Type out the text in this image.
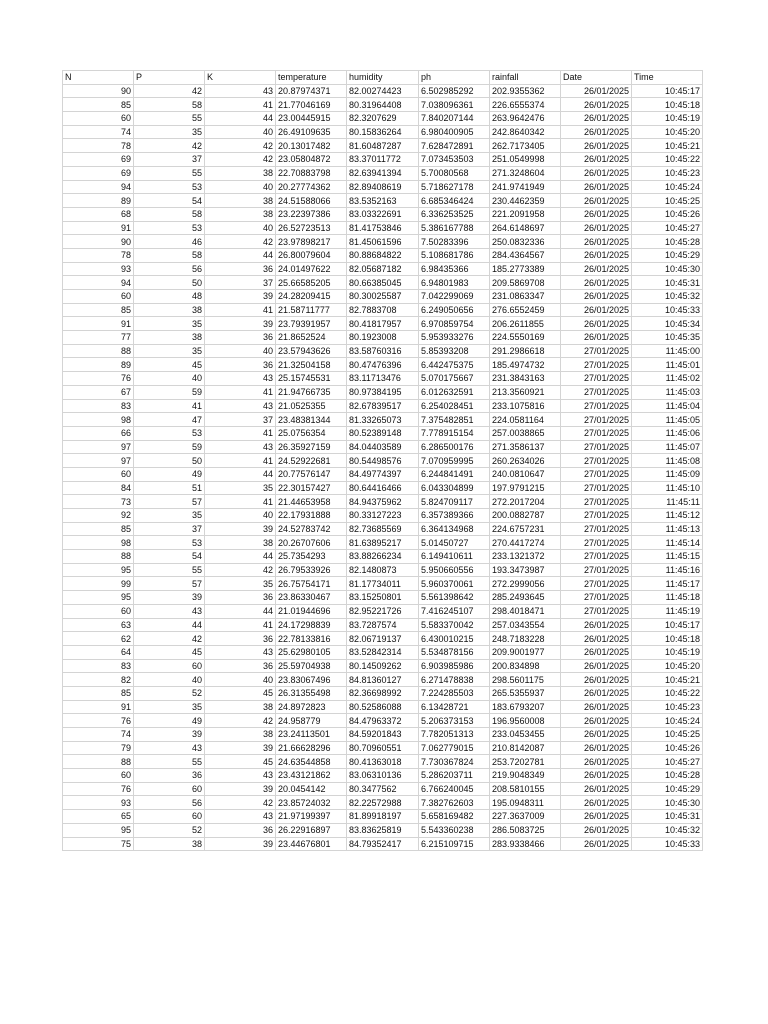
N	P	K	temperature	humidity	ph	rainfall	Date	Time
90	42	43	20.87974371	82.00274423	6.502985292	202.9355362	26/01/2025	10:45:17
85	58	41	21.77046169	80.31964408	7.038096361	226.6555374	26/01/2025	10:45:18
60	55	44	23.00445915	82.3207629	7.840207144	263.9642476	26/01/2025	10:45:19
74	35	40	26.49109635	80.15836264	6.980400905	242.8640342	26/01/2025	10:45:20
78	42	42	20.13017482	81.60487287	7.628472891	262.7173405	26/01/2025	10:45:21
69	37	42	23.05804872	83.37011772	7.073453503	251.0549998	26/01/2025	10:45:22
69	55	38	22.70883798	82.63941394	5.70080568	271.3248604	26/01/2025	10:45:23
94	53	40	20.27774362	82.89408619	5.718627178	241.9741949	26/01/2025	10:45:24
89	54	38	24.51588066	83.5352163	6.685346424	230.4462359	26/01/2025	10:45:25
68	58	38	23.22397386	83.03322691	6.336253525	221.2091958	26/01/2025	10:45:26
91	53	40	26.52723513	81.41753846	5.386167788	264.6148697	26/01/2025	10:45:27
90	46	42	23.97898217	81.45061596	7.50283396	250.0832336	26/01/2025	10:45:28
78	58	44	26.80079604	80.88684822	5.108681786	284.4364567	26/01/2025	10:45:29
93	56	36	24.01497622	82.05687182	6.98435366	185.2773389	26/01/2025	10:45:30
94	50	37	25.66585205	80.66385045	6.94801983	209.5869708	26/01/2025	10:45:31
60	48	39	24.28209415	80.30025587	7.042299069	231.0863347	26/01/2025	10:45:32
85	38	41	21.58711777	82.7883708	6.249050656	276.6552459	26/01/2025	10:45:33
91	35	39	23.79391957	80.41817957	6.970859754	206.2611855	26/01/2025	10:45:34
77	38	36	21.8652524	80.1923008	5.953933276	224.5550169	26/01/2025	10:45:35
88	35	40	23.57943626	83.58760316	5.85393208	291.2986618	27/01/2025	11:45:00
89	45	36	21.32504158	80.47476396	6.442475375	185.4974732	27/01/2025	11:45:01
76	40	43	25.15745531	83.11713476	5.070175667	231.3843163	27/01/2025	11:45:02
67	59	41	21.94766735	80.97384195	6.012632591	213.3560921	27/01/2025	11:45:03
83	41	43	21.0525355	82.67839517	6.254028451	233.1075816	27/01/2025	11:45:04
98	47	37	23.48381344	81.33265073	7.375482851	224.0581164	27/01/2025	11:45:05
66	53	41	25.0756354	80.52389148	7.778915154	257.0038865	27/01/2025	11:45:06
97	59	43	26.35927159	84.04403589	6.286500176	271.3586137	27/01/2025	11:45:07
97	50	41	24.52922681	80.54498576	7.070959995	260.2634026	27/01/2025	11:45:08
60	49	44	20.77576147	84.49774397	6.244841491	240.0810647	27/01/2025	11:45:09
84	51	35	22.30157427	80.64416466	6.043304899	197.9791215	27/01/2025	11:45:10
73	57	41	21.44653958	84.94375962	5.824709117	272.2017204	27/01/2025	11:45:11
92	35	40	22.17931888	80.33127223	6.357389366	200.0882787	27/01/2025	11:45:12
85	37	39	24.52783742	82.73685569	6.364134968	224.6757231	27/01/2025	11:45:13
98	53	38	20.26707606	81.63895217	5.01450727	270.4417274	27/01/2025	11:45:14
88	54	44	25.7354293	83.88266234	6.149410611	233.1321372	27/01/2025	11:45:15
95	55	42	26.79533926	82.1480873	5.950660556	193.3473987	27/01/2025	11:45:16
99	57	35	26.75754171	81.17734011	5.960370061	272.2999056	27/01/2025	11:45:17
95	39	36	23.86330467	83.15250801	5.561398642	285.2493645	27/01/2025	11:45:18
60	43	44	21.01944696	82.95221726	7.416245107	298.4018471	27/01/2025	11:45:19
63	44	41	24.17298839	83.7287574	5.583370042	257.0343554	26/01/2025	10:45:17
62	42	36	22.78133816	82.06719137	6.430010215	248.7183228	26/01/2025	10:45:18
64	45	43	25.62980105	83.52842314	5.534878156	209.9001977	26/01/2025	10:45:19
83	60	36	25.59704938	80.14509262	6.903985986	200.834898	26/01/2025	10:45:20
82	40	40	23.83067496	84.81360127	6.271478838	298.5601175	26/01/2025	10:45:21
85	52	45	26.31355498	82.36698992	7.224285503	265.5355937	26/01/2025	10:45:22
91	35	38	24.8972823	80.52586088	6.13428721	183.6793207	26/01/2025	10:45:23
76	49	42	24.958779	84.47963372	5.206373153	196.9560008	26/01/2025	10:45:24
74	39	38	23.24113501	84.59201843	7.782051313	233.0453455	26/01/2025	10:45:25
79	43	39	21.66628296	80.70960551	7.062779015	210.8142087	26/01/2025	10:45:26
88	55	45	24.63544858	80.41363018	7.730367824	253.7202781	26/01/2025	10:45:27
60	36	43	23.43121862	83.06310136	5.286203711	219.9048349	26/01/2025	10:45:28
76	60	39	20.0454142	80.3477562	6.766240045	208.5810155	26/01/2025	10:45:29
93	56	42	23.85724032	82.22572988	7.382762603	195.0948311	26/01/2025	10:45:30
65	60	43	21.97199397	81.89918197	5.658169482	227.3637009	26/01/2025	10:45:31
95	52	36	26.22916897	83.83625819	5.543360238	286.5083725	26/01/2025	10:45:32
75	38	39	23.44676801	84.79352417	6.215109715	283.9338466	26/01/2025	10:45:33
